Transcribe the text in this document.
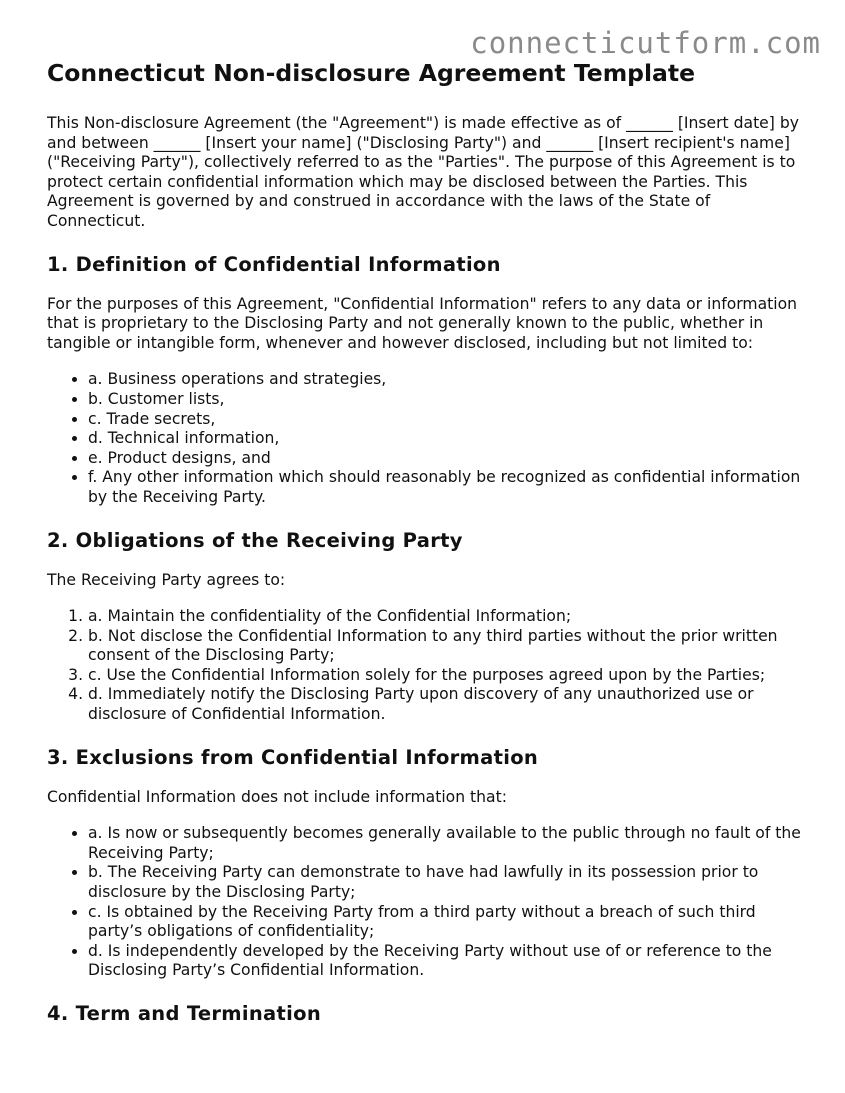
connecticutform.com
Connecticut Non-disclosure Agreement Template

This Non-disclosure Agreement (the "Agreement") is made effective as of ______ [Insert date] by and between ______ [Insert your name] ("Disclosing Party") and ______ [Insert recipient's name] ("Receiving Party"), collectively referred to as the "Parties". The purpose of this Agreement is to protect certain confidential information which may be disclosed between the Parties. This Agreement is governed by and construed in accordance with the laws of the State of Connecticut.

1. Definition of Confidential Information

For the purposes of this Agreement, "Confidential Information" refers to any data or information that is proprietary to the Disclosing Party and not generally known to the public, whether in tangible or intangible form, whenever and however disclosed, including but not limited to:

• a. Business operations and strategies,
• b. Customer lists,
• c. Trade secrets,
• d. Technical information,
• e. Product designs, and
• f. Any other information which should reasonably be recognized as confidential information by the Receiving Party.
2. Obligations of the Receiving Party

The Receiving Party agrees to:

1. a. Maintain the confidentiality of the Confidential Information;
2. b. Not disclose the Confidential Information to any third parties without the prior written consent of the Disclosing Party;
3. c. Use the Confidential Information solely for the purposes agreed upon by the Parties;
4. d. Immediately notify the Disclosing Party upon discovery of any unauthorized use or disclosure of Confidential Information.
3. Exclusions from Confidential Information

Confidential Information does not include information that:

• a. Is now or subsequently becomes generally available to the public through no fault of the Receiving Party;
• b. The Receiving Party can demonstrate to have had lawfully in its possession prior to disclosure by the Disclosing Party;
• c. Is obtained by the Receiving Party from a third party without a breach of such third party’s obligations of confidentiality;
• d. Is independently developed by the Receiving Party without use of or reference to the Disclosing Party’s Confidential Information.
4. Term and Termination
